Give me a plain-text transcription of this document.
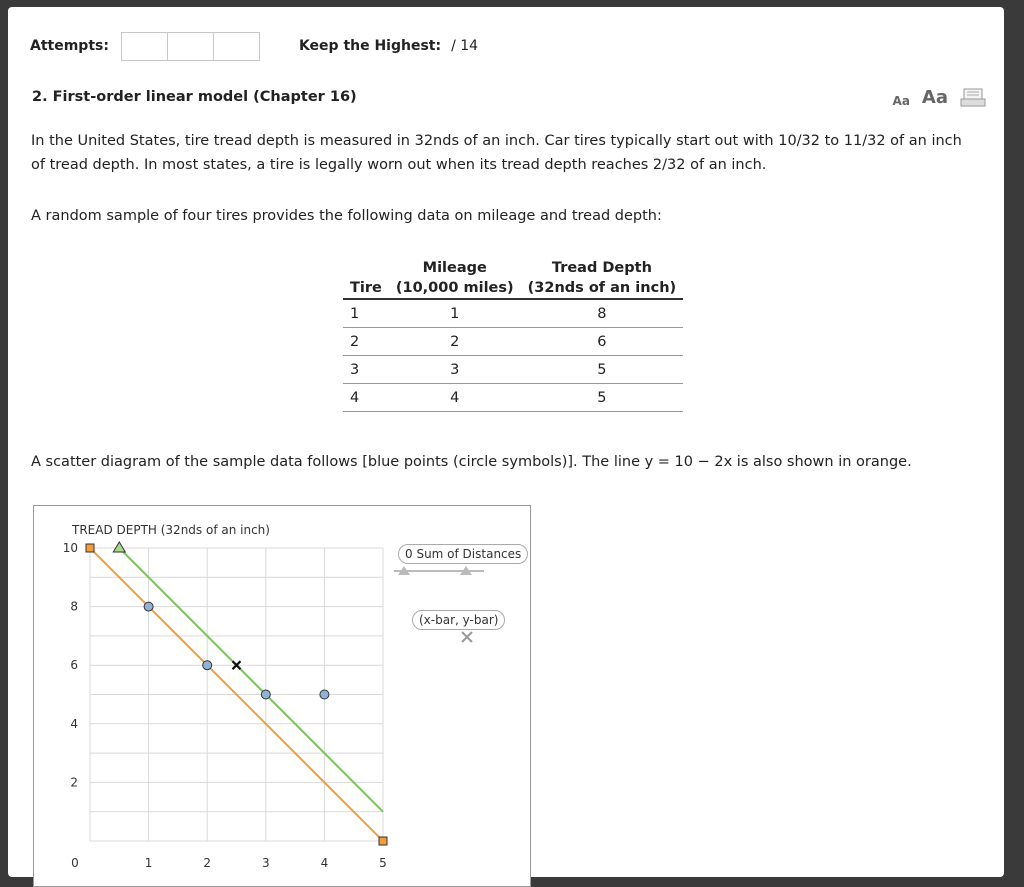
Attempts:	Keep the Highest: / 14
2. First-order linear model (Chapter 16)	Aa Aa
In the United States, tire tread depth is measured in 32nds of an inch. Car tires typically start out with 10/32 to 11/32 of an inch of tread depth. In most states, a tire is legally worn out when its tread depth reaches 2/32 of an inch.
A random sample of four tires provides the following data on mileage and tread depth:
	Mileage	Tread Depth
Tire	(10,000 miles)	(32nds of an inch)
1	1	8
2	2	6
3	3	5
4	4	5
A scatter diagram of the sample data follows [blue points (circle symbols)]. The line y = 10 − 2x is also shown in orange.
TREAD DEPTH (32nds of an inch)
10
8
6
4
2
0	1	2	3	4	5
0 Sum of Distances
(x-bar, y-bar)
